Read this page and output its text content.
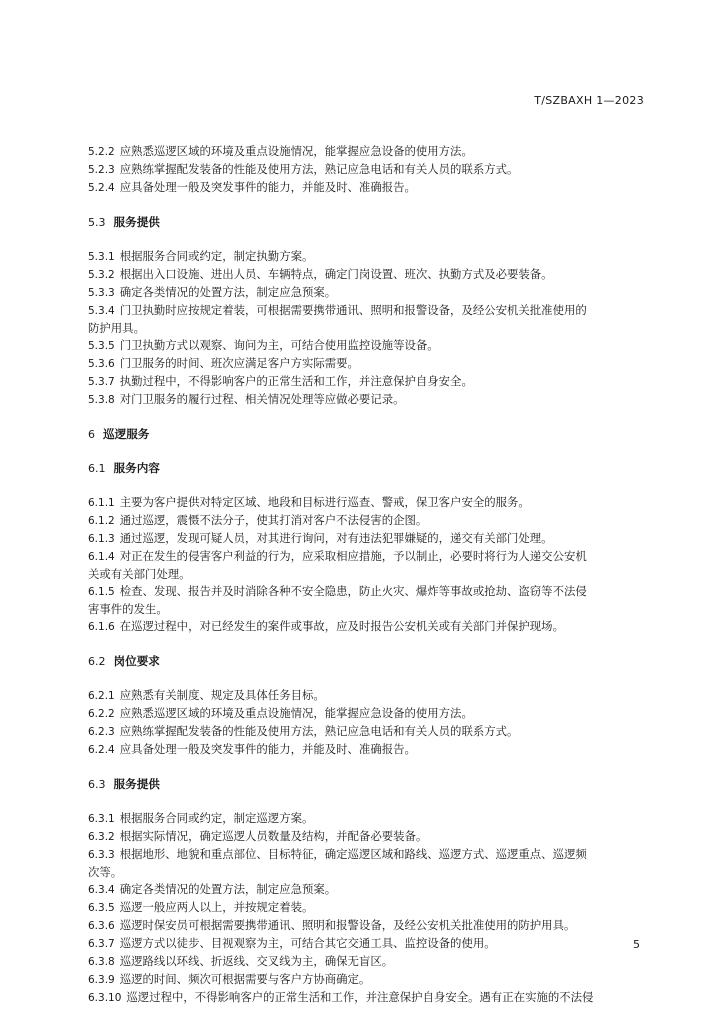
T/SZBAXH 1—2023
5.2.2 应熟悉巡逻区域的环境及重点设施情况，能掌握应急设备的使用方法。
5.2.3 应熟练掌握配发装备的性能及使用方法，熟记应急电话和有关人员的联系方式。
5.2.4 应具备处理一般及突发事件的能力，并能及时、准确报告。
5.3 服务提供
5.3.1 根据服务合同或约定，制定执勤方案。
5.3.2 根据出入口设施、进出人员、车辆特点，确定门岗设置、班次、执勤方式及必要装备。
5.3.3 确定各类情况的处置方法，制定应急预案。
5.3.4 门卫执勤时应按规定着装，可根据需要携带通讯、照明和报警设备，及经公安机关批准使用的
防护用具。
5.3.5 门卫执勤方式以观察、询问为主，可结合使用监控设施等设备。
5.3.6 门卫服务的时间、班次应满足客户方实际需要。
5.3.7 执勤过程中，不得影响客户的正常生活和工作，并注意保护自身安全。
5.3.8 对门卫服务的履行过程、相关情况处理等应做必要记录。
6 巡逻服务
6.1 服务内容
6.1.1 主要为客户提供对特定区域、地段和目标进行巡查、警戒，保卫客户安全的服务。
6.1.2 通过巡逻，震慑不法分子，使其打消对客户不法侵害的企图。
6.1.3 通过巡逻，发现可疑人员，对其进行询问，对有违法犯罪嫌疑的，递交有关部门处理。
6.1.4 对正在发生的侵害客户利益的行为，应采取相应措施，予以制止，必要时将行为人递交公安机
关或有关部门处理。
6.1.5 检查、发现、报告并及时消除各种不安全隐患，防止火灾、爆炸等事故或抢劫、盗窃等不法侵
害事件的发生。
6.1.6 在巡逻过程中，对已经发生的案件或事故，应及时报告公安机关或有关部门并保护现场。
6.2 岗位要求
6.2.1 应熟悉有关制度、规定及具体任务目标。
6.2.2 应熟悉巡逻区域的环境及重点设施情况，能掌握应急设备的使用方法。
6.2.3 应熟练掌握配发装备的性能及使用方法，熟记应急电话和有关人员的联系方式。
6.2.4 应具备处理一般及突发事件的能力，并能及时、准确报告。
6.3 服务提供
6.3.1 根据服务合同或约定，制定巡逻方案。
6.3.2 根据实际情况，确定巡逻人员数量及结构，并配备必要装备。
6.3.3 根据地形、地貌和重点部位、目标特征，确定巡逻区域和路线、巡逻方式、巡逻重点、巡逻频
次等。
6.3.4 确定各类情况的处置方法，制定应急预案。
6.3.5 巡逻一般应两人以上，并按规定着装。
6.3.6 巡逻时保安员可根据需要携带通讯、照明和报警设备，及经公安机关批准使用的防护用具。
6.3.7 巡逻方式以徒步、目视观察为主，可结合其它交通工具、监控设备的使用。
6.3.8 巡逻路线以环线、折返线、交叉线为主，确保无盲区。
6.3.9 巡逻的时间、频次可根据需要与客户方协商确定。
6.3.10 巡逻过程中，不得影响客户的正常生活和工作，并注意保护自身安全。遇有正在实施的不法侵
5
